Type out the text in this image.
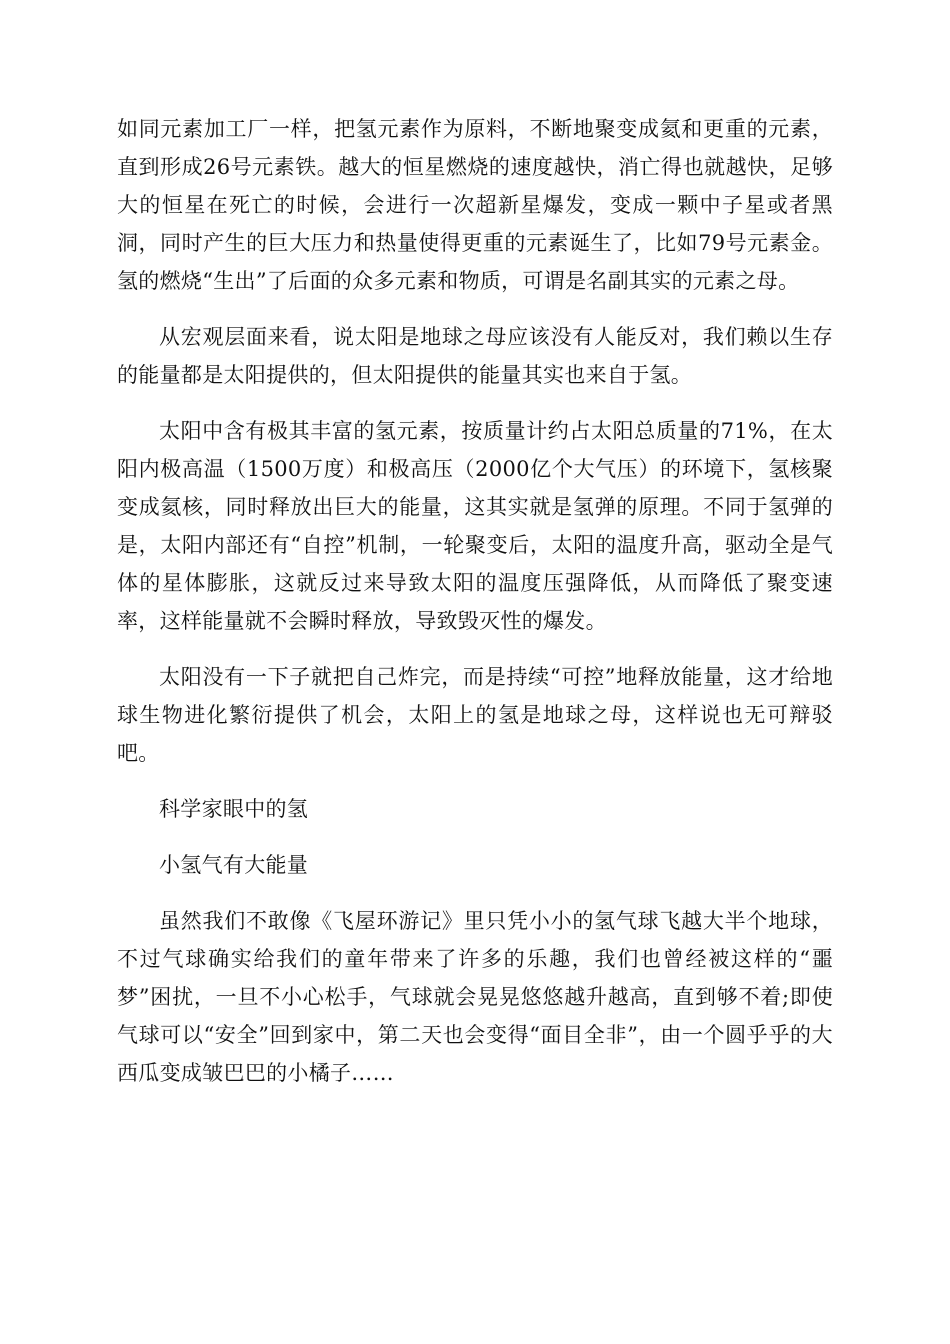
如同元素加工厂一样，把氢元素作为原料，不断地聚变成氦和更重的元素，直到形成26号元素铁。越大的恒星燃烧的速度越快，消亡得也就越快，足够大的恒星在死亡的时候，会进行一次超新星爆发，变成一颗中子星或者黑洞，同时产生的巨大压力和热量使得更重的元素诞生了，比如79号元素金。氢的燃烧“生出”了后面的众多元素和物质，可谓是名副其实的元素之母。

从宏观层面来看，说太阳是地球之母应该没有人能反对，我们赖以生存的能量都是太阳提供的，但太阳提供的能量其实也来自于氢。

太阳中含有极其丰富的氢元素，按质量计约占太阳总质量的71%，在太阳内极高温（1500万度）和极高压（2000亿个大气压）的环境下，氢核聚变成氦核，同时释放出巨大的能量，这其实就是氢弹的原理。不同于氢弹的是，太阳内部还有“自控”机制，一轮聚变后，太阳的温度升高，驱动全是气体的星体膨胀，这就反过来导致太阳的温度压强降低，从而降低了聚变速率，这样能量就不会瞬时释放，导致毁灭性的爆发。

太阳没有一下子就把自己炸完，而是持续“可控”地释放能量，这才给地球生物进化繁衍提供了机会，太阳上的氢是地球之母，这样说也无可辩驳吧。

科学家眼中的氢

小氢气有大能量

虽然我们不敢像《飞屋环游记》里只凭小小的氢气球飞越大半个地球，不过气球确实给我们的童年带来了许多的乐趣，我们也曾经被这样的“噩梦”困扰，一旦不小心松手，气球就会晃晃悠悠越升越高，直到够不着;即使气球可以“安全”回到家中，第二天也会变得“面目全非”，由一个圆乎乎的大西瓜变成皱巴巴的小橘子……
